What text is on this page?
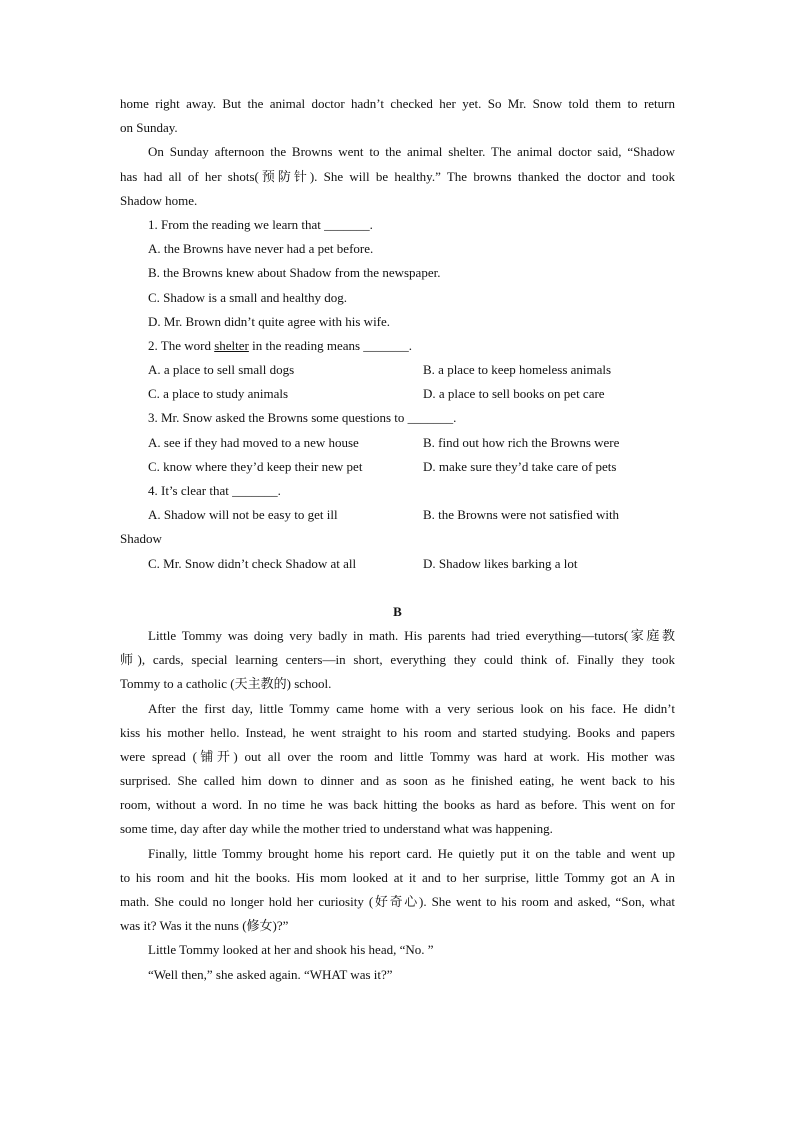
home right away. But the animal doctor hadn’t checked her yet. So Mr. Snow told them to return
on Sunday.
On Sunday afternoon the Browns went to the animal shelter. The animal doctor said, “Shadow
has had all of her shots(预防针). She will be healthy.” The browns thanked the doctor and took
Shadow home.
1. From the reading we learn that _______.
A. the Browns have never had a pet before.
B. the Browns knew about Shadow from the newspaper.
C. Shadow is a small and healthy dog.
D. Mr. Brown didn’t quite agree with his wife.
2. The word shelter in the reading means _______.
A. a place to sell small dogs	B. a place to keep homeless animals
C. a place to study animals	D. a place to sell books on pet care
3. Mr. Snow asked the Browns some questions to _______.
A. see if they had moved to a new house	B. find out how rich the Browns were
C. know where they’d keep their new pet	D. make sure they’d take care of pets
4. It’s clear that _______.
A. Shadow will not be easy to get ill	B. the Browns were not satisfied with
Shadow
C. Mr. Snow didn’t check Shadow at all	D. Shadow likes barking a lot
B
Little Tommy was doing very badly in math. His parents had tried everything—tutors(家庭教
师), cards, special learning centers—in short, everything they could think of. Finally they took
Tommy to a catholic (天主教的) school.
After the first day, little Tommy came home with a very serious look on his face. He didn’t
kiss his mother hello. Instead, he went straight to his room and started studying. Books and papers
were spread (铺开) out all over the room and little Tommy was hard at work. His mother was
surprised. She called him down to dinner and as soon as he finished eating, he went back to his
room, without a word. In no time he was back hitting the books as hard as before. This went on for
some time, day after day while the mother tried to understand what was happening.
Finally, little Tommy brought home his report card. He quietly put it on the table and went up
to his room and hit the books. His mom looked at it and to her surprise, little Tommy got an A in
math. She could no longer hold her curiosity (好奇心). She went to his room and asked, “Son, what
was it? Was it the nuns (修女)?”
Little Tommy looked at her and shook his head, “No. ”
“Well then,” she asked again. “WHAT was it?”
